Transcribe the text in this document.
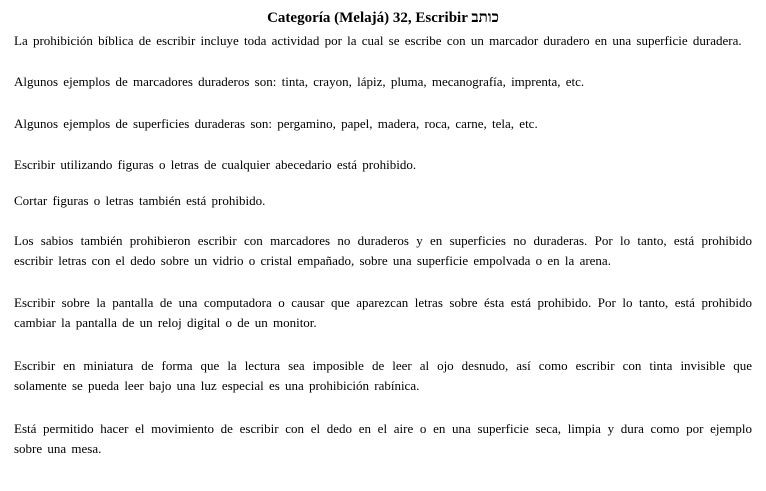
Categoría (Melajá) 32, Escribir כותב

La prohibición bíblica de escribir incluye toda actividad por la cual se escribe con un marcador duradero en una superficie duradera.

Algunos ejemplos de marcadores duraderos son: tinta, crayon, lápiz, pluma, mecanografía, imprenta, etc.

Algunos ejemplos de superficies duraderas son: pergamino, papel, madera, roca, carne, tela, etc.

Escribir utilizando figuras o letras de cualquier abecedario está prohibido.

Cortar figuras o letras también está prohibido.

Los sabios también prohibieron escribir con marcadores no duraderos y en superficies no duraderas. Por lo tanto, está prohibido escribir letras con el dedo sobre un vidrio o cristal empañado, sobre una superficie empolvada o en la arena.

Escribir sobre la pantalla de una computadora o causar que aparezcan letras sobre ésta está prohibido. Por lo tanto, está prohibido cambiar la pantalla de un reloj digital o de un monitor.

Escribir en miniatura de forma que la lectura sea imposible de leer al ojo desnudo, así como escribir con tinta invisible que solamente se pueda leer bajo una luz especial es una prohibición rabínica.

Está permitido hacer el movimiento de escribir con el dedo en el aire o en una superficie seca, limpia y dura como por ejemplo sobre una mesa.
